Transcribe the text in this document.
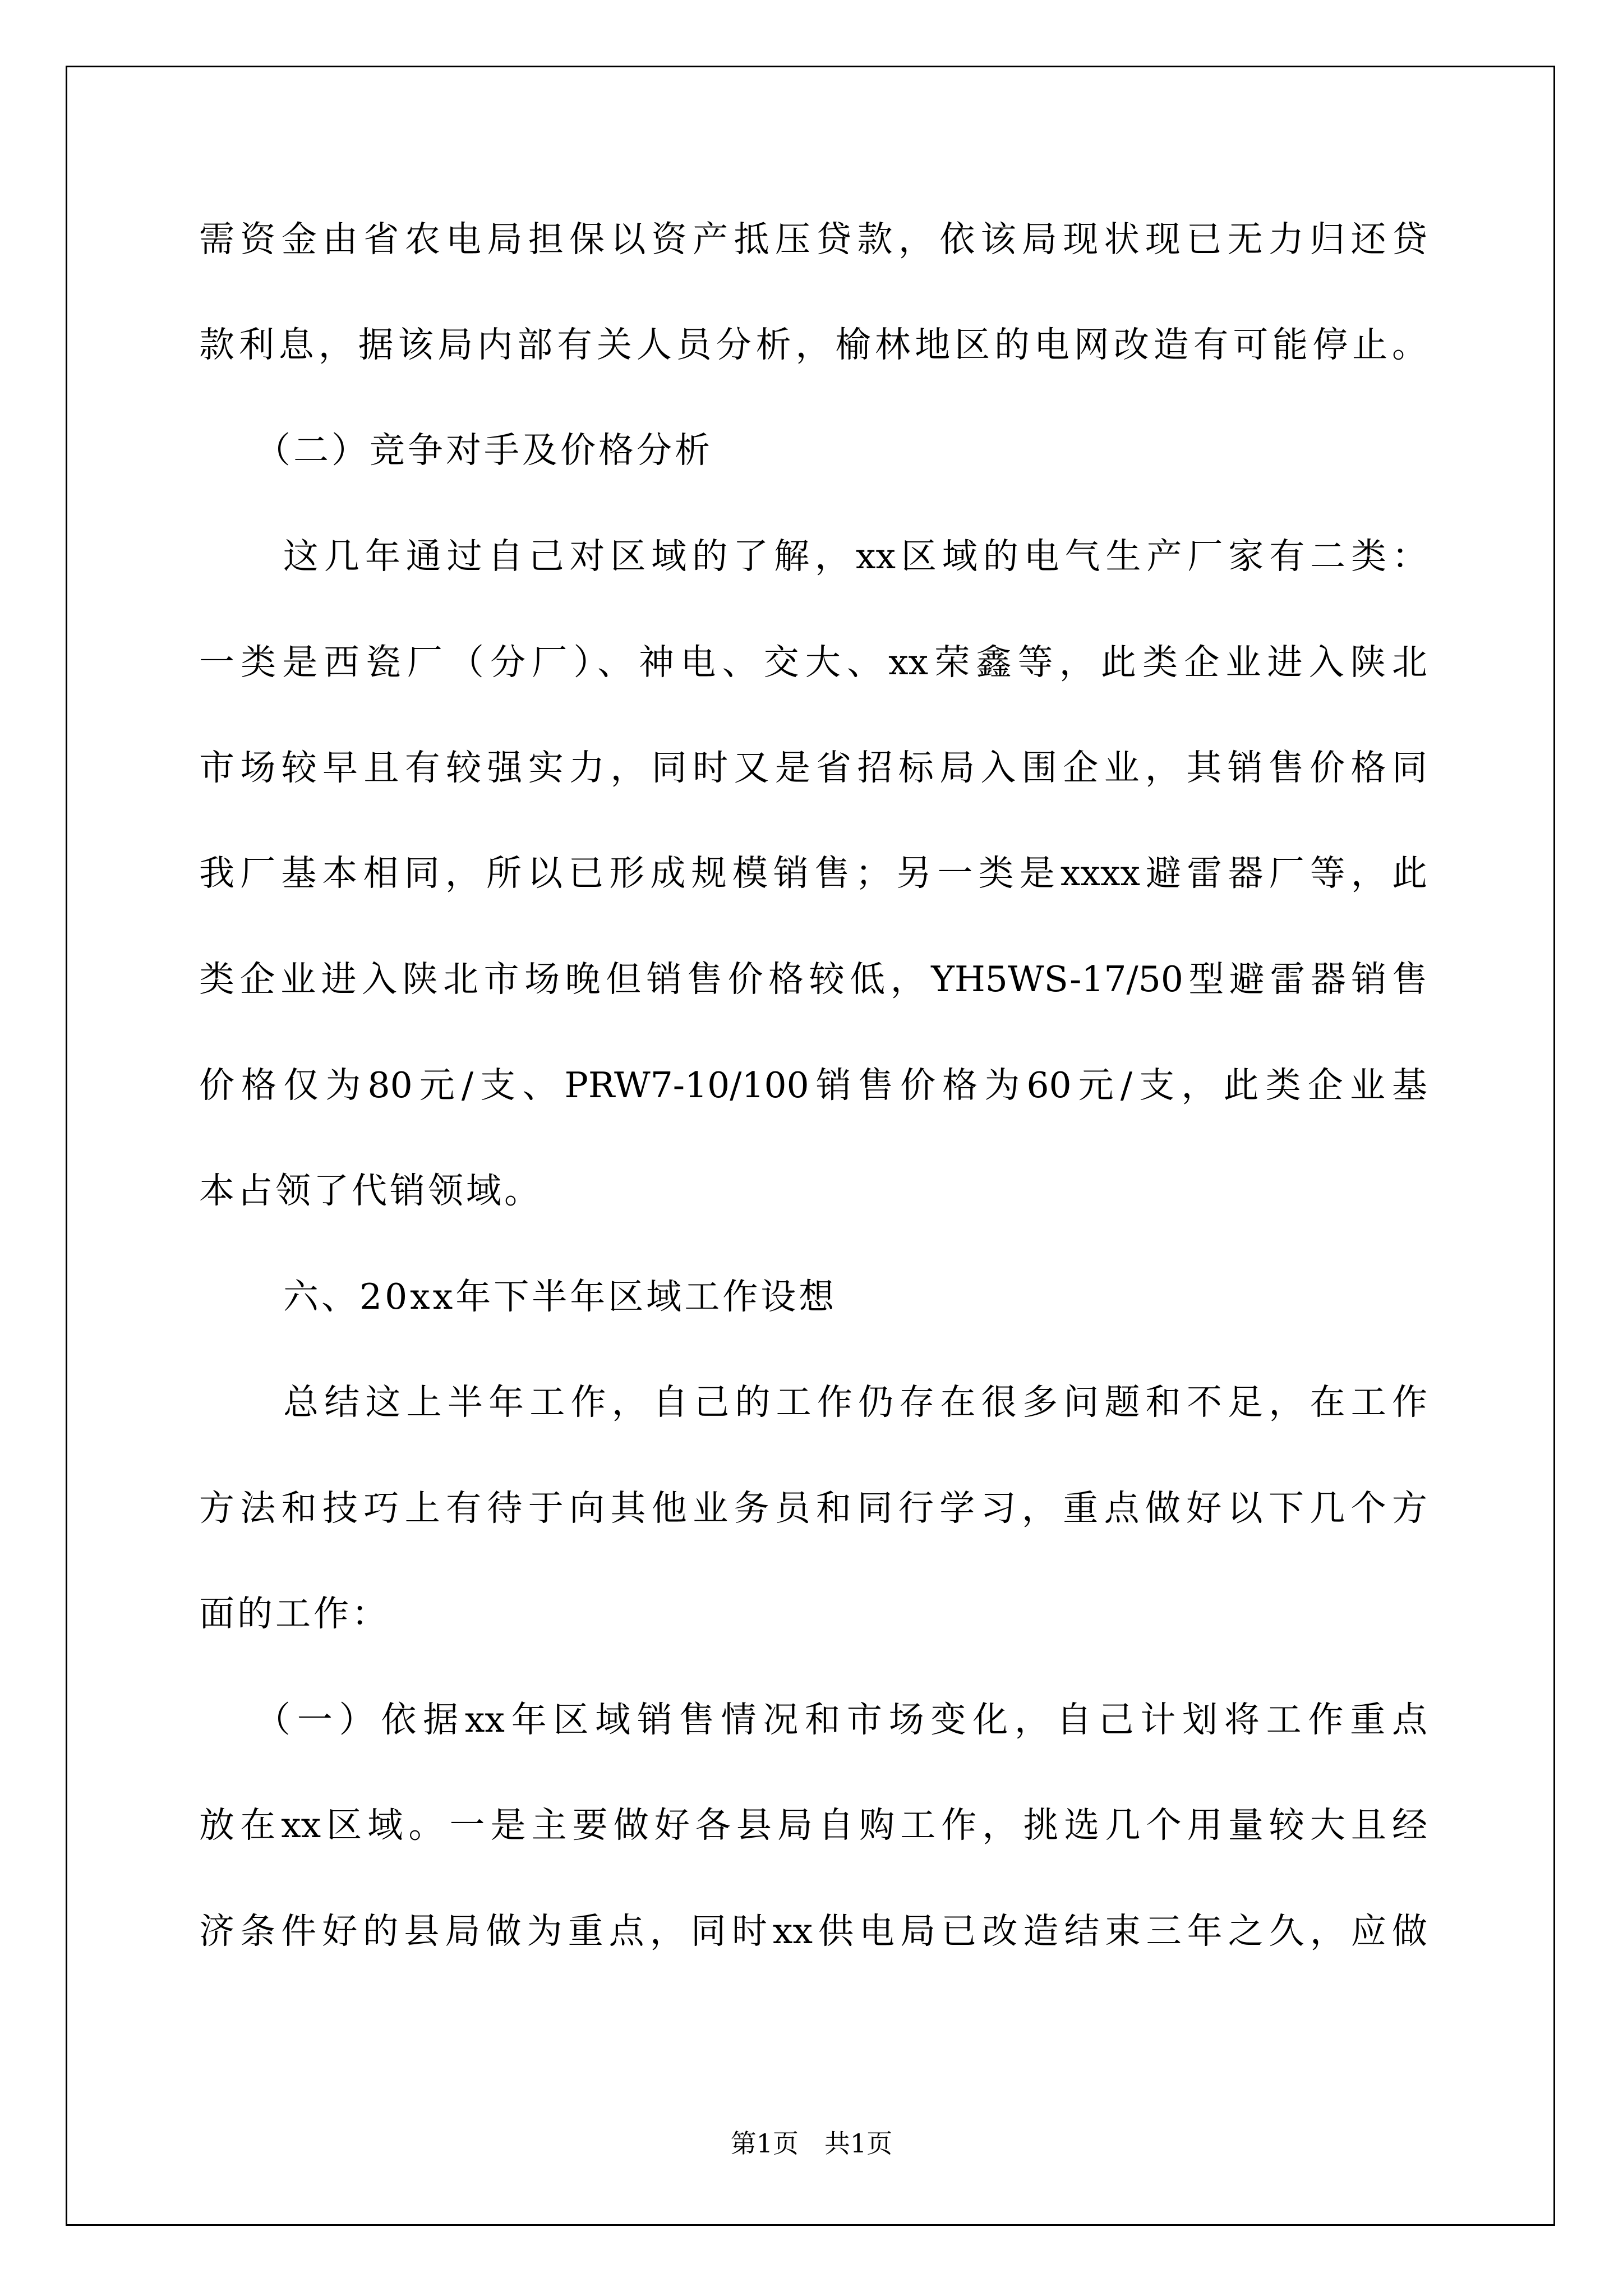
需资金由省农电局担保以资产抵压贷款，依该局现状现已无力归还贷
款利息，据该局内部有关人员分析，榆林地区的电网改造有可能停止。
（二）竞争对手及价格分析
这几年通过自己对区域的了解，xx区域的电气生产厂家有二类：
一类是西瓷厂（分厂）、神电、交大、xx荣鑫等，此类企业进入陕北
市场较早且有较强实力，同时又是省招标局入围企业，其销售价格同
我厂基本相同，所以已形成规模销售；另一类是xxxx避雷器厂等，此
类企业进入陕北市场晚但销售价格较低，YH5WS-17/50型避雷器销售
价格仅为80元/支、PRW7-10/100销售价格为60元/支，此类企业基
本占领了代销领域。
六、20xx年下半年区域工作设想
总结这上半年工作，自己的工作仍存在很多问题和不足，在工作
方法和技巧上有待于向其他业务员和同行学习，重点做好以下几个方
面的工作：
（一）依据xx年区域销售情况和市场变化，自己计划将工作重点
放在xx区域。一是主要做好各县局自购工作，挑选几个用量较大且经
济条件好的县局做为重点，同时xx供电局已改造结束三年之久，应做
第1页 共1页
